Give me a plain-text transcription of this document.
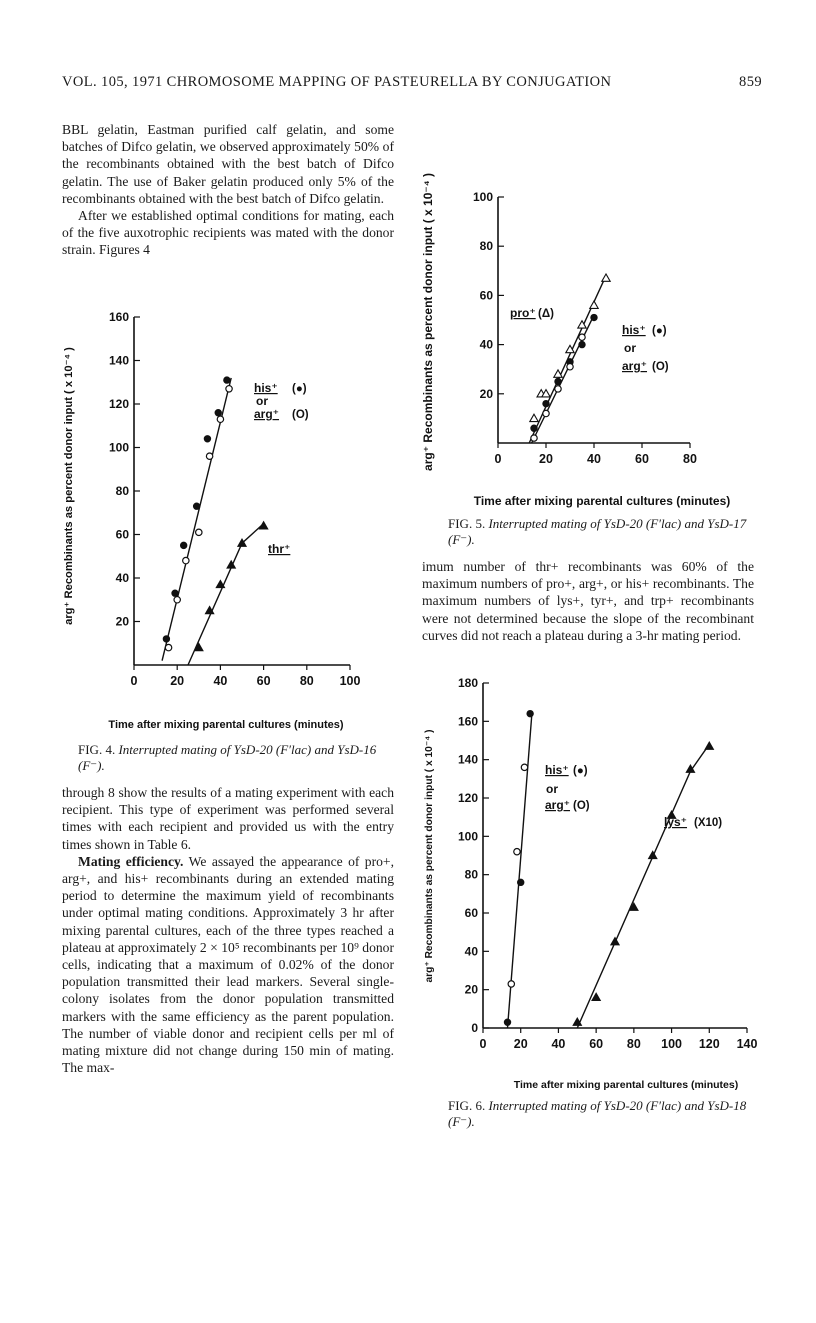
VOL. 105, 1971 CHROMOSOME MAPPING OF PASTEURELLA BY CONJUGATION	859

BBL gelatin, Eastman purified calf gelatin, and some batches of Difco gelatin, we observed approximately 50% of the recombinants obtained with the best batch of Difco gelatin. The use of Baker gelatin produced only 5% of the recombinants obtained with the best batch of Difco gelatin.

After we established optimal conditions for mating, each of the five auxotrophic recipients was mated with the donor strain. Figures 4

0	20 40 60 80 100
20
40
60
80
100
120
140
160
Time after mixing parental cultures (minutes)
arg⁺ Recombinants as percent donor input ( x 10⁻⁴ )	his⁺ (●)
or
arg⁺ (O)
thr⁺
FIG. 4. Interrupted mating of YsD-20 (F′lac) and YsD-16 (F⁻).

through 8 show the results of a mating experiment with each recipient. This type of experiment was performed several times with each recipient and provided us with the entry times shown in Table 6.

Mating efficiency. We assayed the appearance of pro+, arg+, and his+ recombinants during an extended mating period to determine the maximum yield of recombinants under optimal mating conditions. Approximately 3 hr after mixing parental cultures, each of the three types reached a plateau at approximately 2 × 10⁵ recombinants per 10⁹ donor cells, indicating that a maximum of 0.02% of the donor population transmitted their lead markers. Several single-colony isolates from the donor population transmitted markers with the same efficiency as the parent population. The number of viable donor and recipient cells per ml of mating mixture did not change during 150 min of mating. The max-

0	20	40	60	80
20
40
60
80
100
Time after mixing parental cultures (minutes)
arg⁺ Recombinants as percent donor input ( x 10⁻⁴ )	pro⁺ (Δ)
his⁺ (●)
or
arg⁺ (O)
FIG. 5. Interrupted mating of YsD-20 (F′lac) and YsD-17 (F⁻).

imum number of thr+ recombinants was 60% of the maximum numbers of pro+, arg+, or his+ recombinants. The maximum numbers of lys+, tyr+, and trp+ recombinants were not determined because the slope of the recombinant curves did not reach a plateau during a 3-hr mating period.

0 20 40 60 80 100 120 140
0
20
40
60
80
100
120
140
160
180
Time after mixing parental cultures (minutes)
arg⁺ Recombinants as percent donor input ( x 10⁻⁴ )	his⁺ (●)
or
arg⁺ (O)
lys⁺ (X10)
FIG. 6. Interrupted mating of YsD-20 (F′lac) and YsD-18 (F⁻).
